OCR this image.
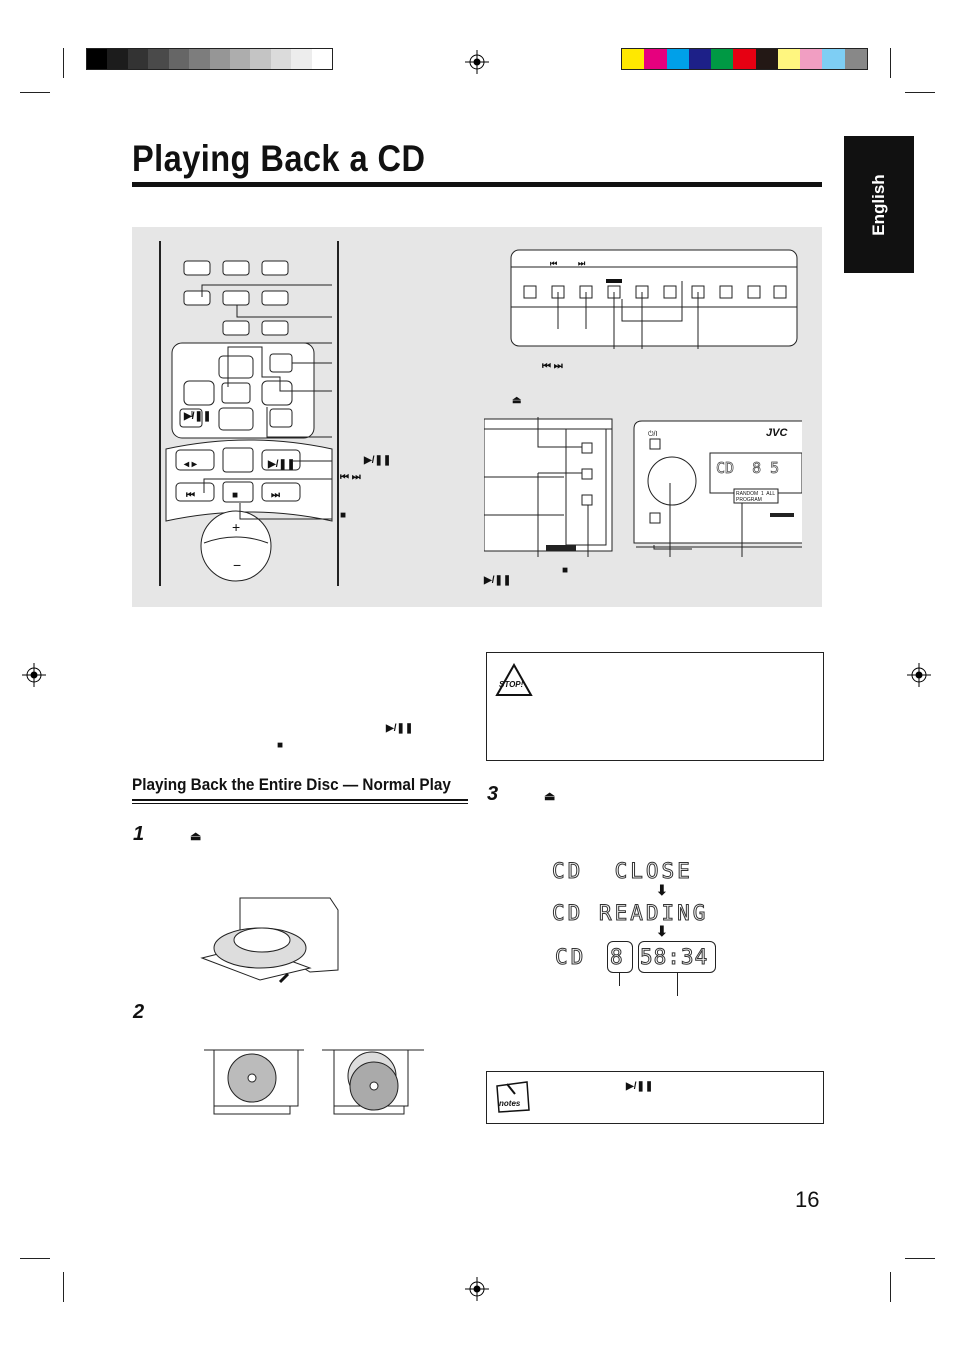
Playing Back a CD
English
▶/❚❚
◂ ▸	▶/❚❚
⏮	■	⏭
+
−
▶/❚❚
⏮ ⏭
■
⏮	⏭
⏮ ⏭
⏏
▶/❚❚
■
JVC
⏻/I
CD  8 5
RANDOM  1  ALL
PROGRAM
STOP!
▶/❚❚
■
Playing Back the Entire Disc — Normal Play
1	⏏
2
3	⏏
CD  CLOSE
⬇
CD READING
⬇
CD 8 58:34
notes
▶/❚❚
16
